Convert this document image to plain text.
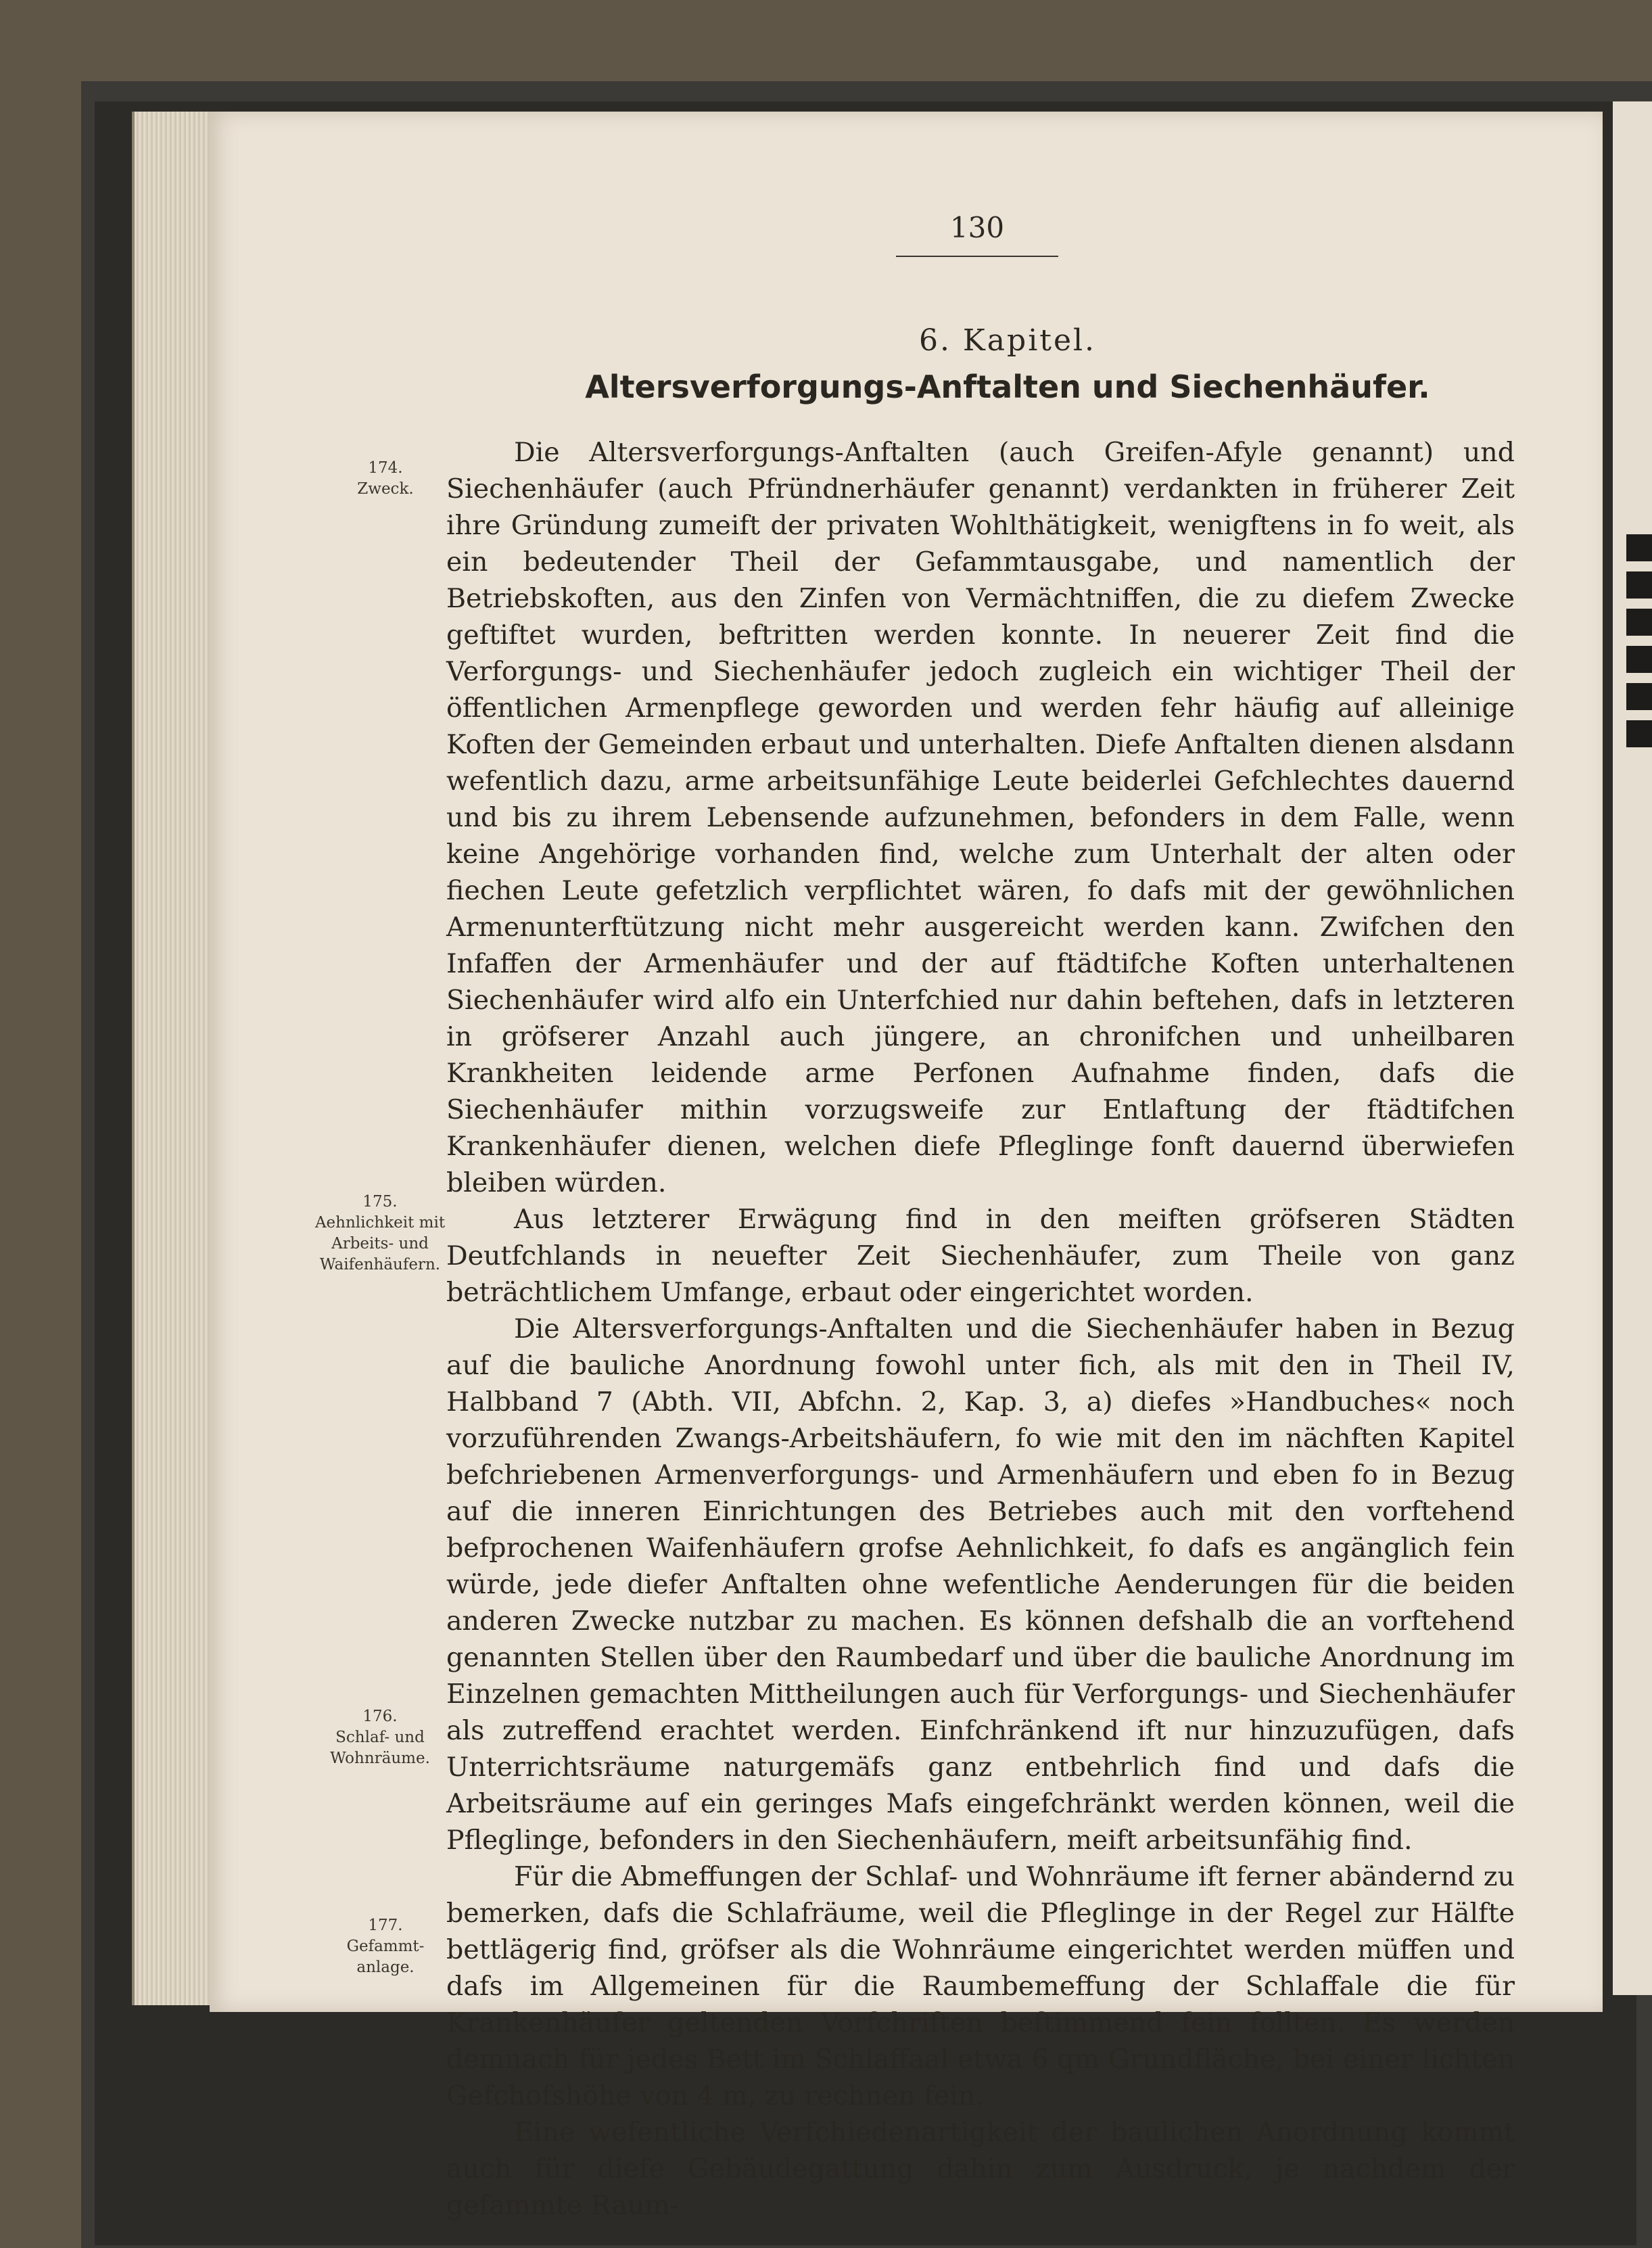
130
6. Kapitel.
Altersverforgungs-Anftalten und Siechenhäufer.
174.
Zweck.
175.
Aehnlichkeit mit Arbeits- und Waifenhäufern.
176.
Schlaf- und Wohnräume.
177.
Gefammt-anlage.

Die Altersverforgungs-Anftalten (auch Greifen-Afyle genannt) und Siechenhäufer (auch Pfründnerhäufer genannt) verdankten in früherer Zeit ihre Gründung zumeift der privaten Wohlthätigkeit, wenigftens in fo weit, als ein bedeutender Theil der Gefammtausgabe, und namentlich der Betriebskoften, aus den Zinfen von Vermächtniffen, die zu diefem Zwecke geftiftet wurden, beftritten werden konnte. In neuerer Zeit find die Verforgungs- und Siechenhäufer jedoch zugleich ein wichtiger Theil der öffentlichen Armenpflege geworden und werden fehr häufig auf alleinige Koften der Gemeinden erbaut und unterhalten. Diefe Anftalten dienen alsdann wefentlich dazu, arme arbeitsunfähige Leute beiderlei Gefchlechtes dauernd und bis zu ihrem Lebensende aufzunehmen, befonders in dem Falle, wenn keine Angehörige vorhanden find, welche zum Unterhalt der alten oder fiechen Leute gefetzlich verpflichtet wären, fo dafs mit der gewöhnlichen Armenunterftützung nicht mehr ausgereicht werden kann. Zwifchen den Infaffen der Armenhäufer und der auf ftädtifche Koften unterhaltenen Siechenhäufer wird alfo ein Unterfchied nur dahin beftehen, dafs in letzteren in gröfserer Anzahl auch jüngere, an chronifchen und unheilbaren Krankheiten leidende arme Perfonen Aufnahme finden, dafs die Siechenhäufer mithin vorzugsweife zur Entlaftung der ftädtifchen Krankenhäufer dienen, welchen diefe Pfleglinge fonft dauernd überwiefen bleiben würden.

Aus letzterer Erwägung find in den meiften gröfseren Städten Deutfchlands in neuefter Zeit Siechenhäufer, zum Theile von ganz beträchtlichem Umfange, erbaut oder eingerichtet worden.

Die Altersverforgungs-Anftalten und die Siechenhäufer haben in Bezug auf die bauliche Anordnung fowohl unter fich, als mit den in Theil IV, Halbband 7 (Abth. VII, Abfchn. 2, Kap. 3, a) diefes »Handbuches« noch vorzuführenden Zwangs-Arbeitshäufern, fo wie mit den im nächften Kapitel befchriebenen Armenverforgungs- und Armenhäufern und eben fo in Bezug auf die inneren Einrichtungen des Betriebes auch mit den vorftehend befprochenen Waifenhäufern grofse Aehnlichkeit, fo dafs es angänglich fein würde, jede diefer Anftalten ohne wefentliche Aenderungen für die beiden anderen Zwecke nutzbar zu machen. Es können defshalb die an vorftehend genannten Stellen über den Raumbedarf und über die bauliche Anordnung im Einzelnen gemachten Mittheilungen auch für Verforgungs- und Siechenhäufer als zutreffend erachtet werden. Einfchränkend ift nur hinzuzufügen, dafs Unterrichtsräume naturgemäfs ganz entbehrlich find und dafs die Arbeitsräume auf ein geringes Mafs eingefchränkt werden können, weil die Pfleglinge, befonders in den Siechenhäufern, meift arbeitsunfähig find.

Für die Abmeffungen der Schlaf- und Wohnräume ift ferner abändernd zu bemerken, dafs die Schlafräume, weil die Pfleglinge in der Regel zur Hälfte bettlägerig find, gröfser als die Wohnräume eingerichtet werden müffen und dafs im Allgemeinen für die Raumbemeffung der Schlaffale die für Krankenhäufer geltenden Vorfchriften beftimmend fein follten. Es werden demnach für jedes Bett im Schlaffaal etwa 6 qm Grundfläche, bei einer lichten Gefchofshöhe von 4 m, zu rechnen fein.

Eine wefentliche Verfchiedenartigkeit der baulichen Anordnung kommt auch für diefe Gebäudegattung dahin zum Ausdruck, je nachdem der gefammte Raum-
